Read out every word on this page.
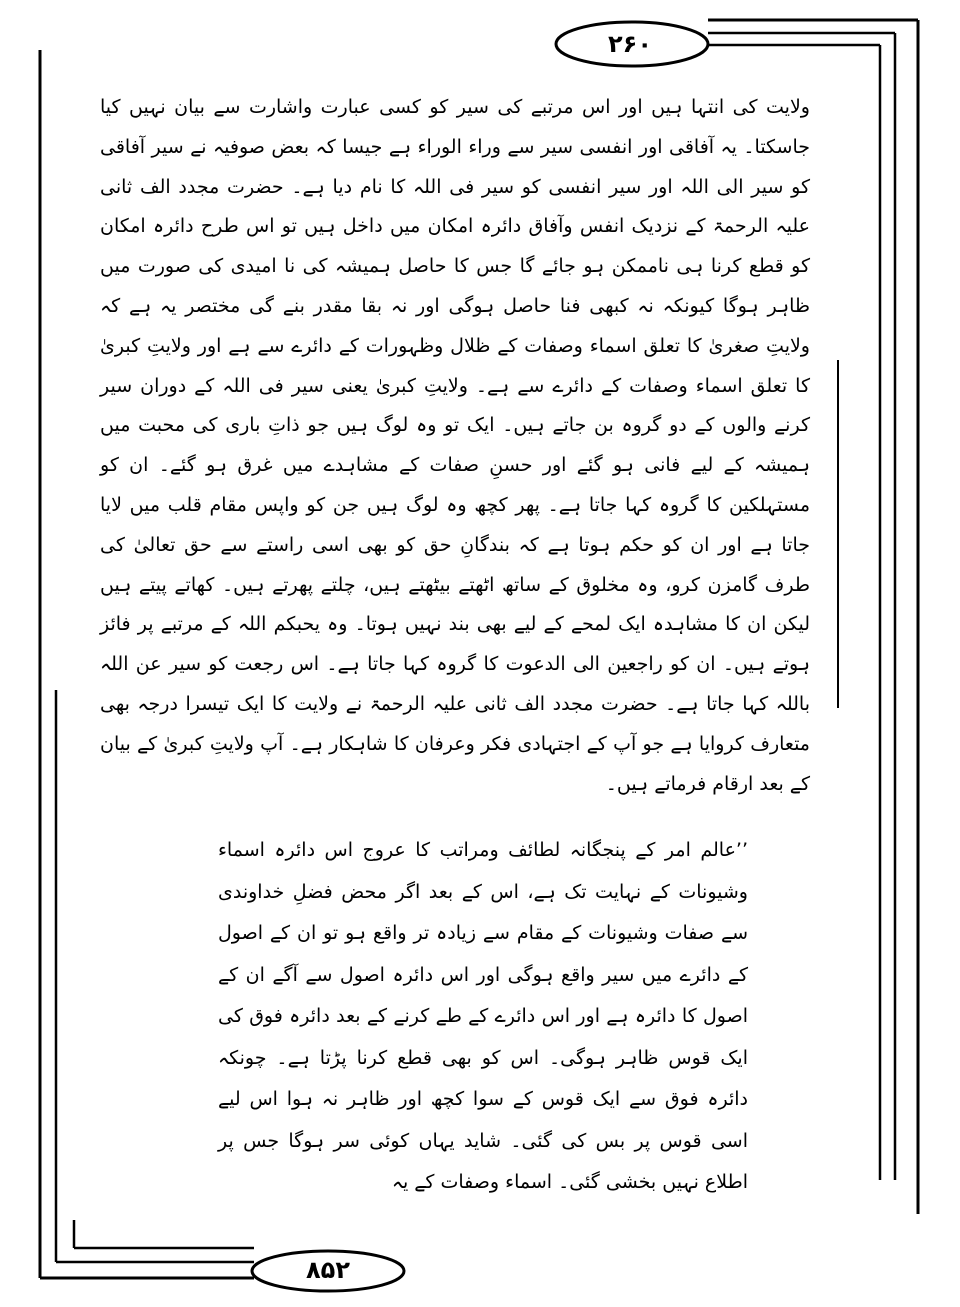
۲۶۰

ولایت کی انتہا ہیں اور اس مرتبے کی سیر کو کسی عبارت واشارت سے بیان نہیں کیا جاسکتا۔ یہ آفاقی اور انفسی سیر سے وراء الوراء ہے جیسا کہ بعض صوفیہ نے سیر آفاقی کو سیر الی اللہ اور سیر انفسی کو سیر فی اللہ کا نام دیا ہے۔ حضرت مجدد الف ثانی علیہ الرحمۃ کے نزدیک انفس وآفاق دائرہ امکان میں داخل ہیں تو اس طرح دائرہ امکان کو قطع کرنا ہی ناممکن ہو جائے گا جس کا حاصل ہمیشہ کی نا امیدی کی صورت میں ظاہر ہوگا کیونکہ نہ کبھی فنا حاصل ہوگی اور نہ بقا مقدر بنے گی مختصر یہ ہے کہ ولایتِ صغریٰ کا تعلق اسماء وصفات کے ظلال وظہورات کے دائرے سے ہے اور ولایتِ کبریٰ کا تعلق اسماء وصفات کے دائرے سے ہے۔ ولایتِ کبریٰ یعنی سیر فی اللہ کے دوران سیر کرنے والوں کے دو گروہ بن جاتے ہیں۔ ایک تو وہ لوگ ہیں جو ذاتِ باری کی محبت میں ہمیشہ کے لیے فانی ہو گئے اور حسنِ صفات کے مشاہدے میں غرق ہو گئے۔ ان کو مستہلکین کا گروہ کہا جاتا ہے۔ پھر کچھ وہ لوگ ہیں جن کو واپس مقام قلب میں لایا جاتا ہے اور ان کو حکم ہوتا ہے کہ بندگانِ حق کو بھی اسی راستے سے حق تعالیٰ کی طرف گامزن کرو، وہ مخلوق کے ساتھ اٹھتے بیٹھتے ہیں، چلتے پھرتے ہیں۔ کھاتے پیتے ہیں لیکن ان کا مشاہدہ ایک لمحے کے لیے بھی بند نہیں ہوتا۔ وہ یحبکم اللہ کے مرتبے پر فائز ہوتے ہیں۔ ان کو راجعین الی الدعوت کا گروہ کہا جاتا ہے۔ اس رجعت کو سیر عن اللہ باللہ کہا جاتا ہے۔ حضرت مجدد الف ثانی علیہ الرحمۃ نے ولایت کا ایک تیسرا درجہ بھی متعارف کروایا ہے جو آپ کے اجتہادی فکر وعرفان کا شاہکار ہے۔ آپ ولایتِ کبریٰ کے بیان کے بعد ارقام فرماتے ہیں۔

’’عالم امر کے پنجگانہ لطائف ومراتب کا عروج اس دائرہ اسماء وشیونات کے نہایت تک ہے، اس کے بعد اگر محض فضلِ خداوندی سے صفات وشیونات کے مقام سے زیادہ تر واقع ہو تو ان کے اصول کے دائرے میں سیر واقع ہوگی اور اس دائرہ اصول سے آگے ان کے اصول کا دائرہ ہے اور اس دائرے کے طے کرنے کے بعد دائرہ فوق کی ایک قوس ظاہر ہوگی۔ اس کو بھی قطع کرنا پڑتا ہے۔ چونکہ دائرہ فوق سے ایک قوس کے سوا کچھ اور ظاہر نہ ہوا اس لیے اسی قوس پر بس کی گئی۔ شاید یہاں کوئی سر ہوگا جس پر اطلاع نہیں بخشی گئی۔ اسماء وصفات کے یہ

۸۵۲
